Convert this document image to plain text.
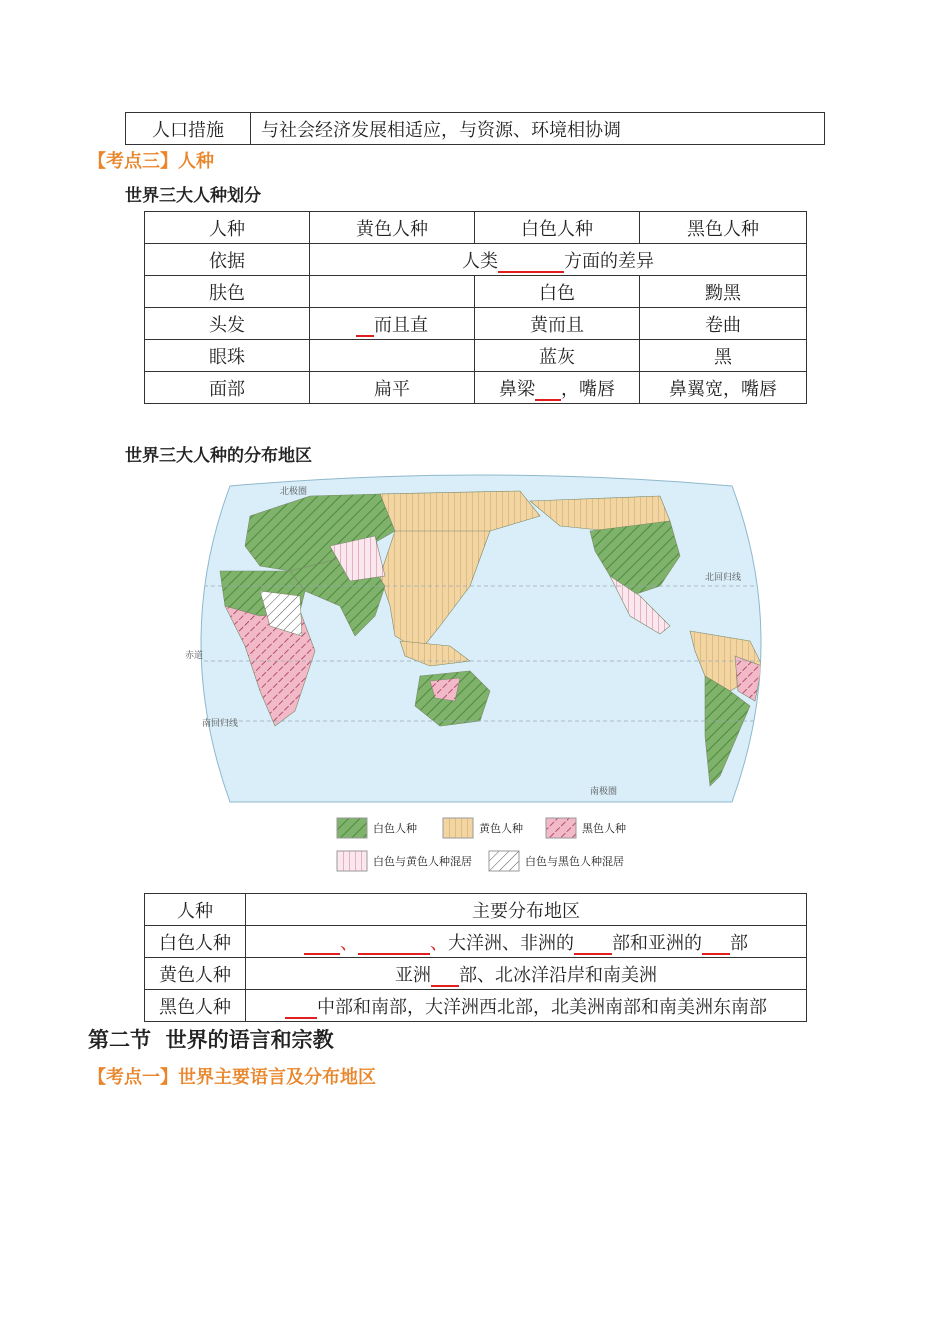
人口措施	与社会经济发展相适应，与资源、环境相协调
【考点三】人种
世界三大人种划分
人种	黄色人种	白色人种	黑色人种
依据	人类 方面的差异		
肤色		白色	黝黑
头发	而且直	黄而且	卷曲
眼珠		蓝灰	黑
面部	扁平	鼻梁 ，嘴唇	鼻翼宽，嘴唇
世界三大人种的分布地区
北极圈
北回归线
赤道
南回归线
南极圈
白色人种	黄色人种	黑色人种
白色与黄色人种混居	白色与黑色人种混居
人种	主要分布地区
白色人种	、 、大洋洲、非洲的 部和亚洲的 部
黄色人种	亚洲 部、北冰洋沿岸和南美洲
黑色人种	中部和南部，大洋洲西北部，北美洲南部和南美洲东南部
第二节  世界的语言和宗教
【考点一】世界主要语言及分布地区
